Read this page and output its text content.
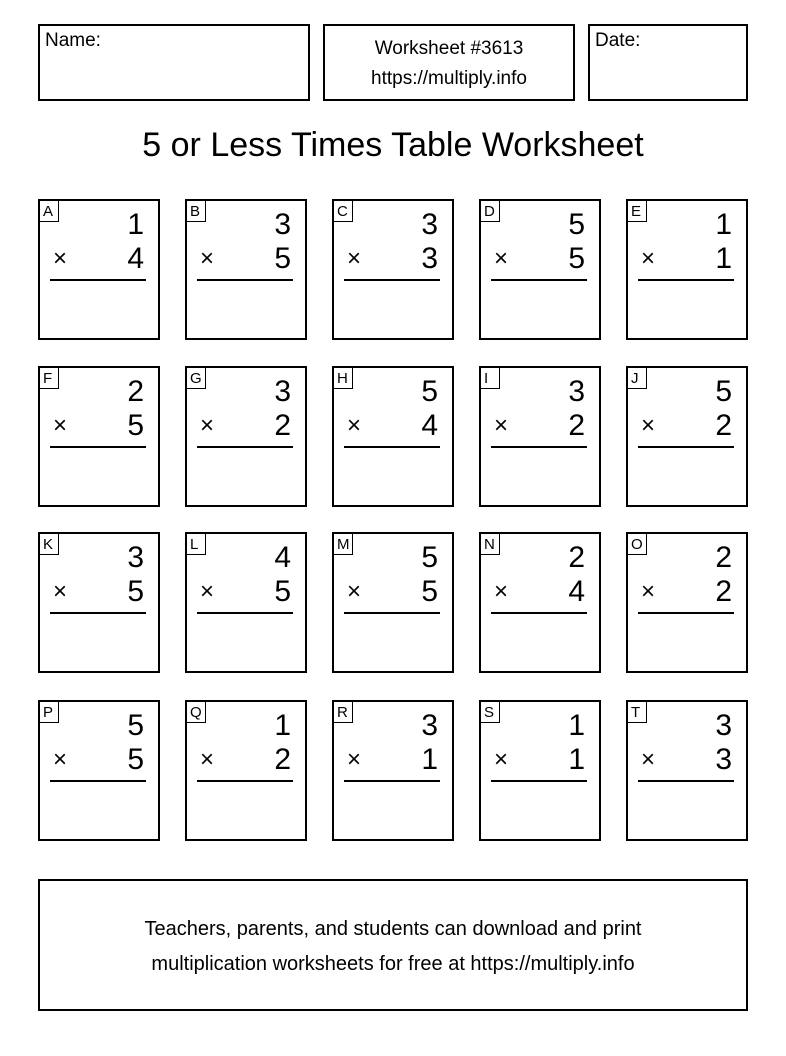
Name:	Worksheet #3613
https://multiply.info
Date:
5 or Less Times Table Worksheet
A 1
× 4
B 3
× 5
C 3
× 3
D 5
× 5
E 1
× 1
F	2
× 5
G 3
× 2
H 5
× 4
I	3
× 2
J	5
× 2
K 3
× 5
L	4
× 5
M 5
× 5
N 2
× 4
O 2
× 2
P 5
× 5
Q 1
× 2
R 3
× 1
S 1
× 1
T	3
× 3
Teachers, parents, and students can download and print
multiplication worksheets for free at https://multiply.info
